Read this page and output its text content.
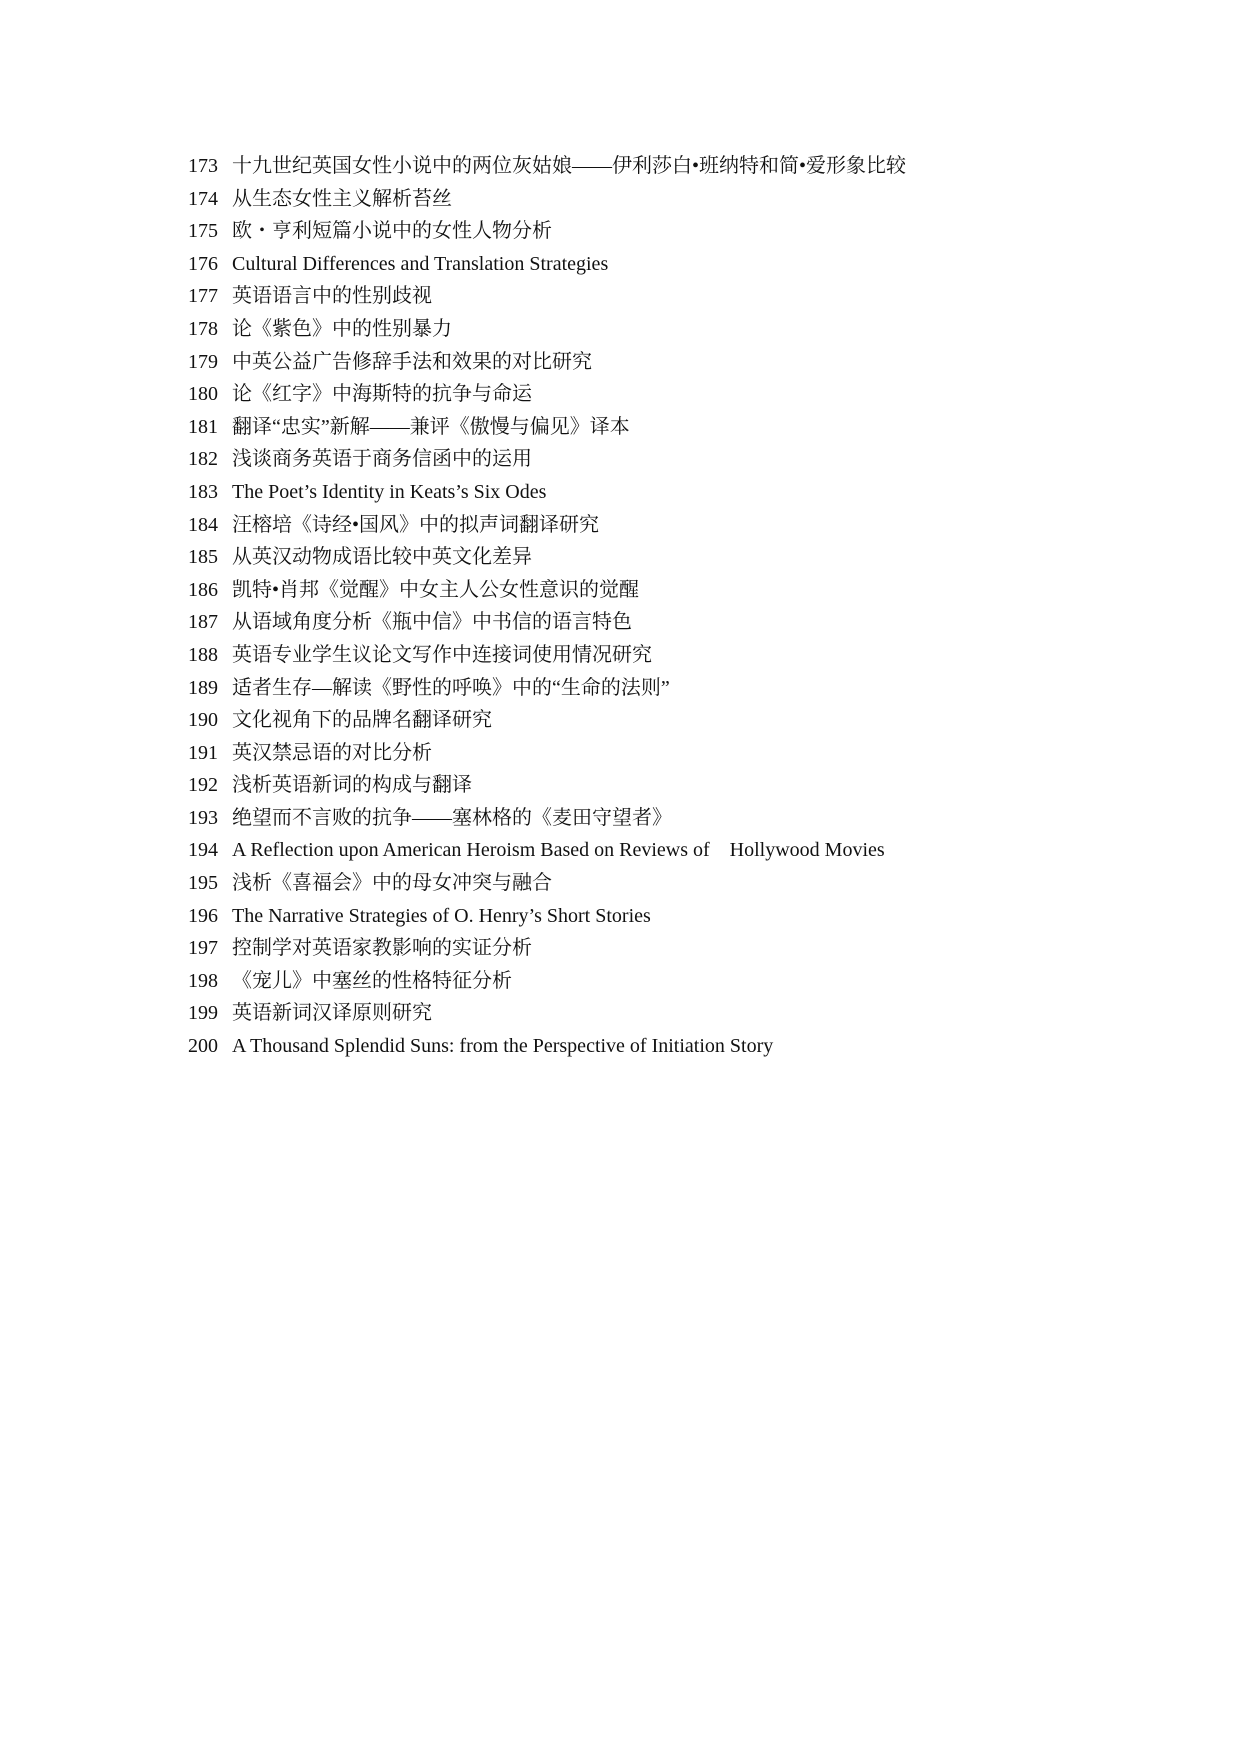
173 十九世纪英国女性小说中的两位灰姑娘——伊利莎白•班纳特和简•爱形象比较
174 从生态女性主义解析苔丝
175 欧・亨利短篇小说中的女性人物分析
176 Cultural Differences and Translation Strategies
177 英语语言中的性别歧视
178 论《紫色》中的性别暴力
179 中英公益广告修辞手法和效果的对比研究
180 论《红字》中海斯特的抗争与命运
181 翻译“忠实”新解——兼评《傲慢与偏见》译本
182 浅谈商务英语于商务信函中的运用
183 The Poet’s Identity in Keats’s Six Odes
184 汪榕培《诗经•国风》中的拟声词翻译研究
185 从英汉动物成语比较中英文化差异
186 凯特•肖邦《觉醒》中女主人公女性意识的觉醒
187 从语域角度分析《瓶中信》中书信的语言特色
188 英语专业学生议论文写作中连接词使用情况研究
189 适者生存—解读《野性的呼唤》中的“生命的法则”
190 文化视角下的品牌名翻译研究
191 英汉禁忌语的对比分析
192 浅析英语新词的构成与翻译
193 绝望而不言败的抗争——塞林格的《麦田守望者》
194 A Reflection upon American Heroism Based on Reviews of    Hollywood Movies
195 浅析《喜福会》中的母女冲突与融合
196 The Narrative Strategies of O. Henry’s Short Stories
197 控制学对英语家教影响的实证分析
198 《宠儿》中塞丝的性格特征分析
199 英语新词汉译原则研究
200 A Thousand Splendid Suns: from the Perspective of Initiation Story
